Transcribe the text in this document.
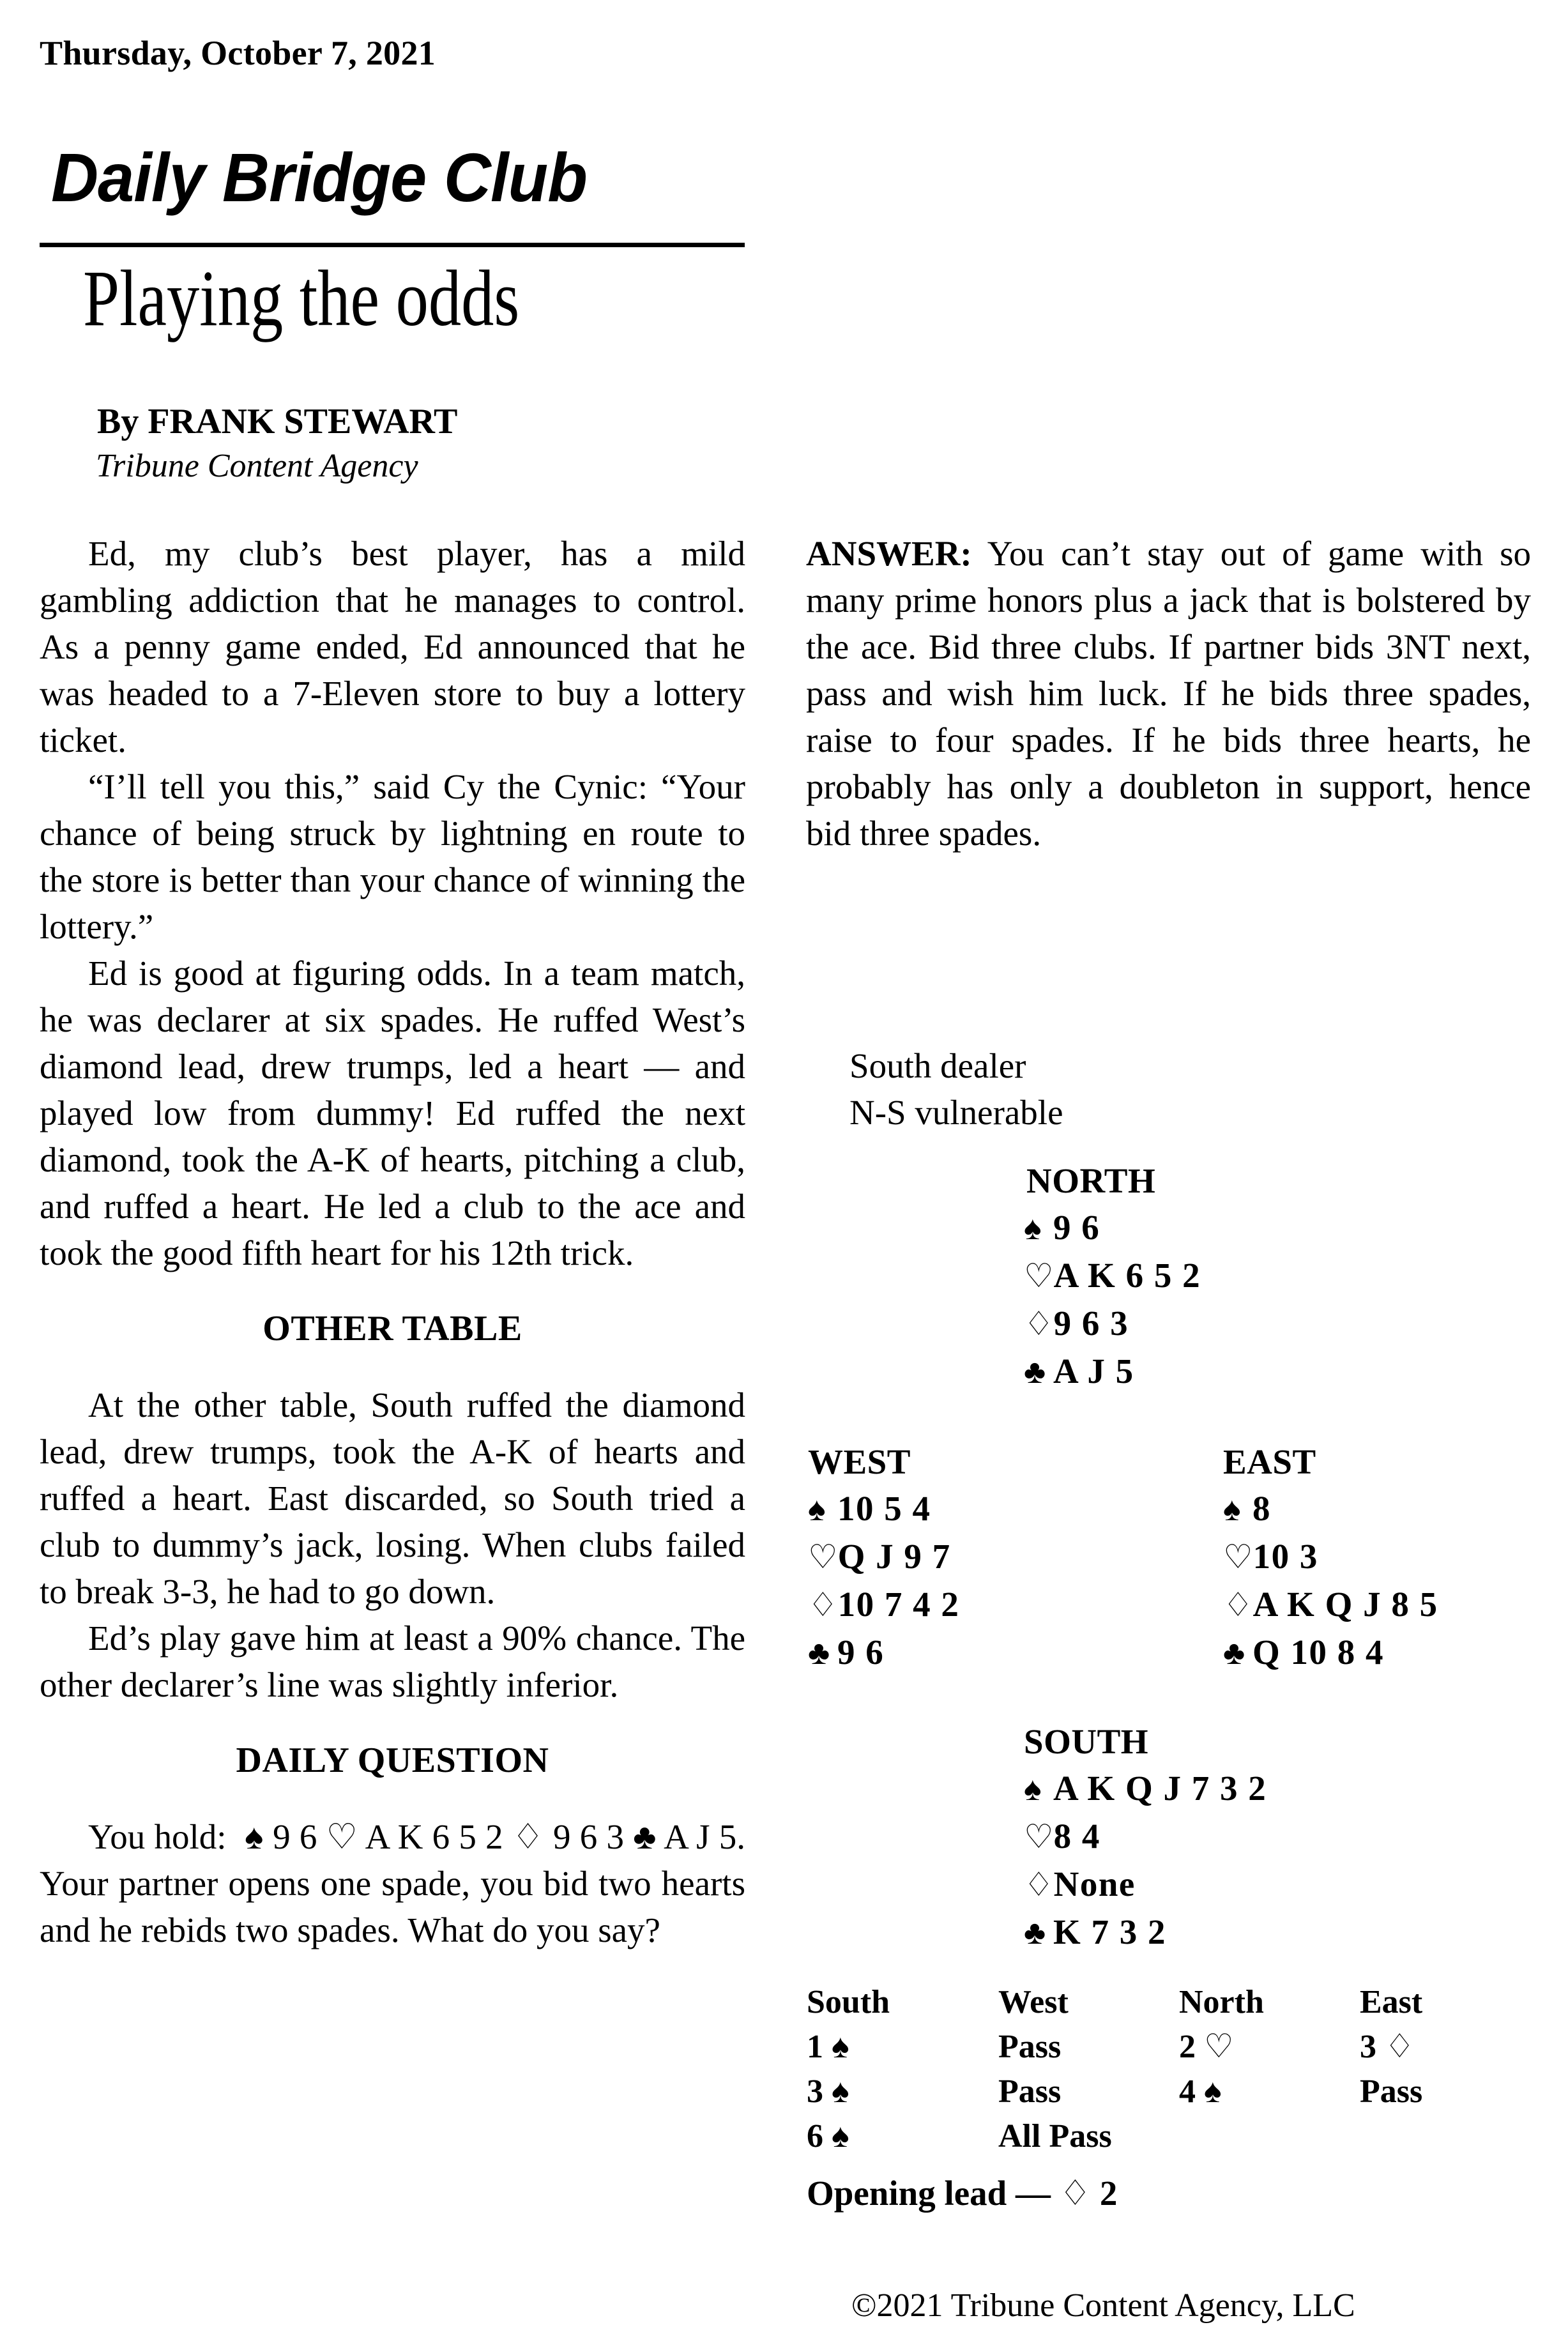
Thursday, October 7, 2021
Daily Bridge Club
Playing the odds
By FRANK STEWART
Tribune Content Agency

Ed, my club’s best player, has a mild gambling addiction that he manages to control. As a penny game ended, Ed announced that he was headed to a 7-Eleven store to buy a lottery ticket.

“I’ll tell you this,” said Cy the Cynic: “Your chance of being struck by lightning en route to the store is better than your chance of winning the lottery.”

Ed is good at figuring odds. In a team match, he was declarer at six spades. He ruffed West’s diamond lead, drew trumps, led a heart — and played low from dummy! Ed ruffed the next diamond, took the A-K of hearts, pitching a club, and ruffed a heart. He led a club to the ace and took the good fifth heart for his 12th trick.

OTHER TABLE

At the other table, South ruffed the diamond lead, drew trumps, took the A-K of hearts and ruffed a heart. East discarded, so South tried a club to dummy’s jack, losing. When clubs failed to break 3-3, he had to go down.

Ed’s play gave him at least a 90% chance. The other declarer’s line was slightly inferior.

DAILY QUESTION

You hold: ♠ 9 6 ♡ A K 6 5 2 ♢ 9 6 3 ♣ A J 5. Your partner opens one spade, you bid two hearts and he rebids two spades. What do you say?

ANSWER: You can’t stay out of game with so many prime honors plus a jack that is bolstered by the ace. Bid three clubs. If partner bids 3NT next, pass and wish him luck. If he bids three spades, raise to four spades. If he bids three hearts, he probably has only a doubleton in support, hence bid three spades.

South dealer
N-S vulnerable
NORTH
♠ 9 6
♡A K 6 5 2
♢9 6 3
♣ A J 5
WEST
♠ 10 5 4
♡Q J 9 7
♢10 7 4 2
♣ 9 6
EAST
♠ 8
♡10 3
♢A K Q J 8 5
♣ Q 10 8 4
SOUTH
♠ A K Q J 7 3 2
♡8 4
♢None
♣ K 7 3 2
South	West	North	East
1 ♠	Pass	2 ♡	3 ♢
3 ♠	Pass	4 ♠	Pass
6 ♠	All Pass		
Opening lead — ♢ 2
©2021 Tribune Content Agency, LLC
